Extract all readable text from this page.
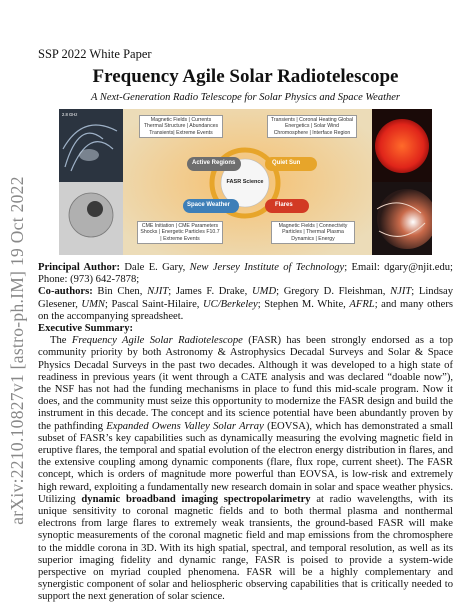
arXiv:2210.10827v1 [astro-ph.IM] 19 Oct 2022

SSP 2022 White Paper

Frequency Agile Solar Radiotelescope

A Next-Generation Radio Telescope for Solar Physics and Space Weather

2.8 GHz
Magnetic Fields | Currents Thermal Structure | Abundances Transients| Extreme Events
Transients | Coronal Heating Global Energetics | Solar Wind Chromosphere | Interface Region
CME Initiation | CME Parameters Shocks | Energetic Particles F10.7 | Extreme Events
Magnetic Fields | Connectivity Particles | Thermal Plasma Dynamics | Energy
Active Regions	Quiet Sun
Space Weather	Flares
FASR Science

Principal Author: Dale E. Gary, New Jersey Institute of Technology; Email: dgary@njit.edu; Phone: (973) 642-7878;

Co-authors: Bin Chen, NJIT; James F. Drake, UMD; Gregory D. Fleishman, NJIT; Lindsay Glesener, UMN; Pascal Saint-Hilaire, UC/Berkeley; Stephen M. White, AFRL; and many others on the accompanying spreadsheet.

Executive Summary:

The Frequency Agile Solar Radiotelescope (FASR) has been strongly endorsed as a top community priority by both Astronomy & Astrophysics Decadal Surveys and Solar & Space Physics Decadal Surveys in the past two decades. Although it was developed to a high state of readiness in previous years (it went through a CATE analysis and was declared “doable now”), the NSF has not had the funding mechanisms in place to fund this mid-scale program. Now it does, and the community must seize this opportunity to modernize the FASR design and build the instrument in this decade. The concept and its science potential have been abundantly proven by the pathfinding Expanded Owens Valley Solar Array (EOVSA), which has demonstrated a small subset of FASR’s key capabilities such as dynamically measuring the evolving magnetic field in eruptive flares, the temporal and spatial evolution of the electron energy distribution in flares, and the extensive coupling among dynamic components (flare, flux rope, current sheet). The FASR concept, which is orders of magnitude more powerful than EOVSA, is low-risk and extremely high reward, exploiting a fundamentally new research domain in solar and space weather physics. Utilizing dynamic broadband imaging spectropolarimetry at radio wavelengths, with its unique sensitivity to coronal magnetic fields and to both thermal plasma and nonthermal electrons from large flares to extremely weak transients, the ground-based FASR will make synoptic measurements of the coronal magnetic field and map emissions from the chromosphere to the middle corona in 3D. With its high spatial, spectral, and temporal resolution, as well as its superior imaging fidelity and dynamic range, FASR is poised to provide a system-wide perspective on myriad coupled phenomena. FASR will be a highly complementary and synergistic component of solar and heliospheric observing capabilities that is critically needed to support the next generation of solar science.
